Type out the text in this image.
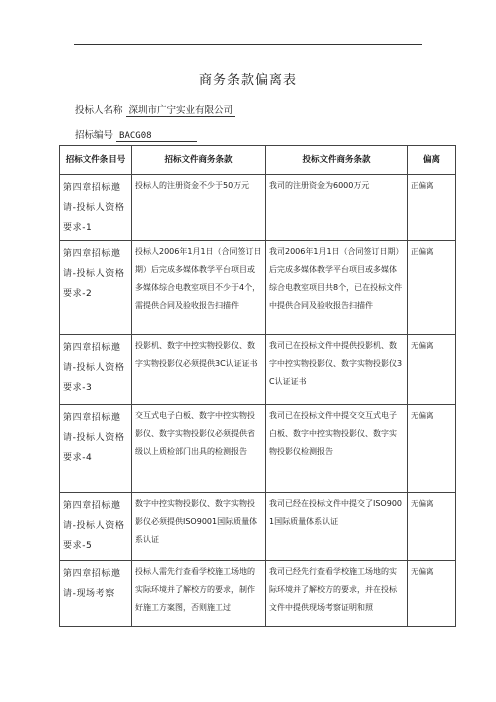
商务条款偏离表
投标人名称 深圳市广宁实业有限公司
招标编号 BACG08
招标文件条目号	招标文件商务条款	投标文件商务条款	偏离
第四章招标邀请-投标人资格要求-1	投标人的注册资金不少于50万元	我司的注册资金为6000万元	正偏离
第四章招标邀请-投标人资格要求-2	投标人2006年1月1日（合同签订日期）后完成多媒体教学平台项目或多媒体综合电教室项目不少于4个，需提供合同及验收报告扫描件	我司2006年1月1日（合同签订日期）后完成多媒体教学平台项目或多媒体综合电教室项目共8个，已在投标文件中提供合同及验收报告扫描件	正偏离
第四章招标邀请-投标人资格要求-3	投影机、数字中控实物投影仪、数字实物投影仪必须提供3C认证证书	我司已在投标文件中提供投影机、数字中控实物投影仪、数字实物投影仪3C认证证书	无偏离
第四章招标邀请-投标人资格要求-4	交互式电子白板、数字中控实物投影仪、数字实物投影仪必须提供省级以上质检部门出具的检测报告	我司已在投标文件中提交交互式电子白板、数字中控实物投影仪、数字实物投影仪检测报告	无偏离
第四章招标邀请-投标人资格要求-5	数字中控实物投影仪、数字实物投影仪必须提供ISO9001国际质量体系认证	我司已经在投标文件中提交了ISO9001国际质量体系认证	无偏离
第四章招标邀请-现场考察	投标人需先行查看学校施工场地的实际环境并了解校方的要求，制作好施工方案图，否则施工过	我司已经先行查看学校施工场地的实际环境并了解校方的要求，并在投标文件中提供现场考察证明和照	无偏离
